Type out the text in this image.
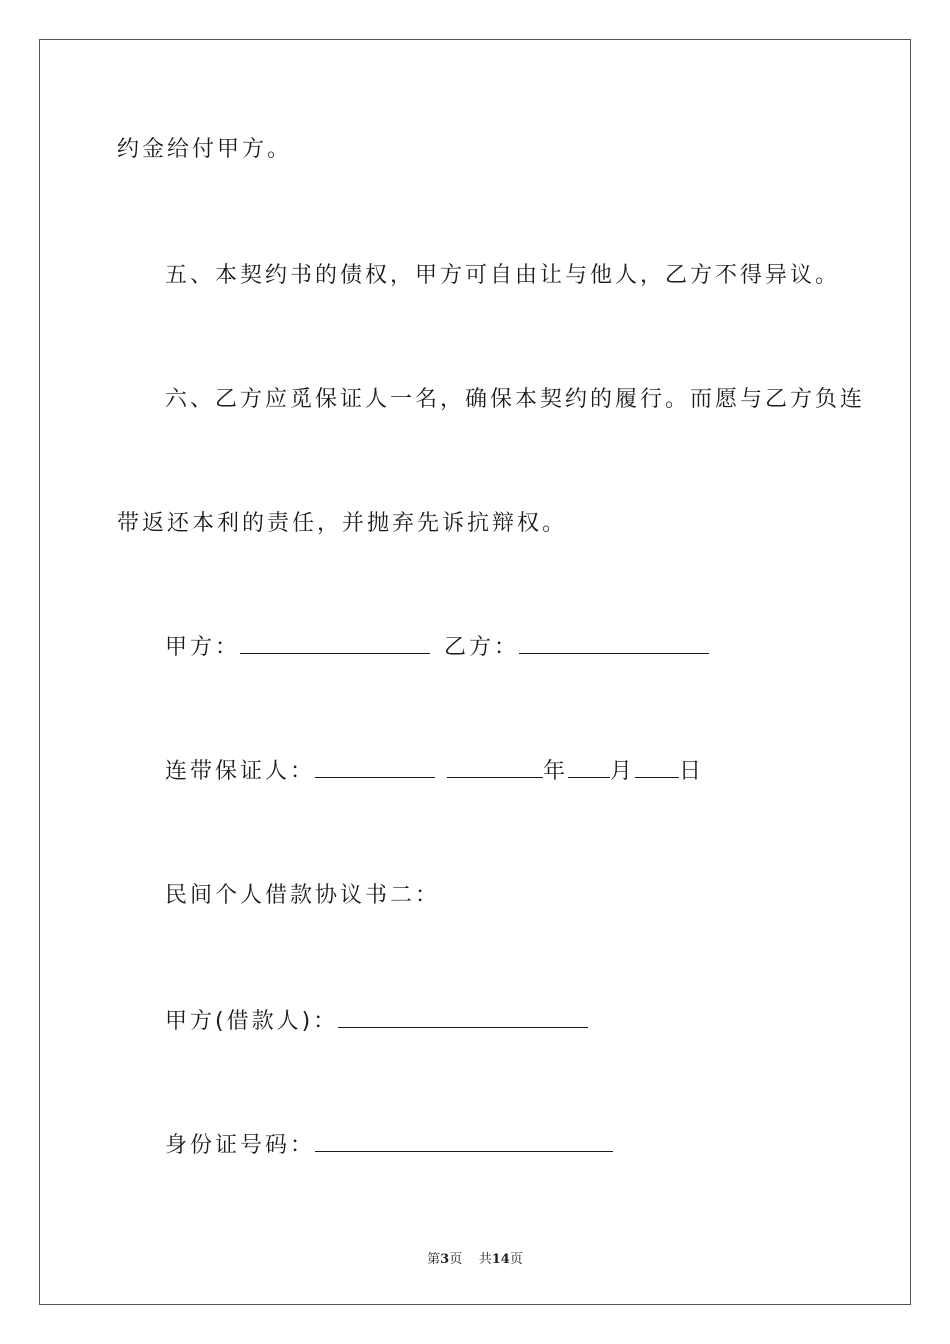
约金给付甲方。
五、本契约书的债权，甲方可自由让与他人，乙方不得异议。
六、乙方应觅保证人一名，确保本契约的履行。而愿与乙方负连
带返还本利的责任，并抛弃先诉抗辩权。
甲方：	乙方：
连带保证人：	年 月 日
民间个人借款协议书二：
甲方(借款人)：
身份证号码：
第3页 共14页
